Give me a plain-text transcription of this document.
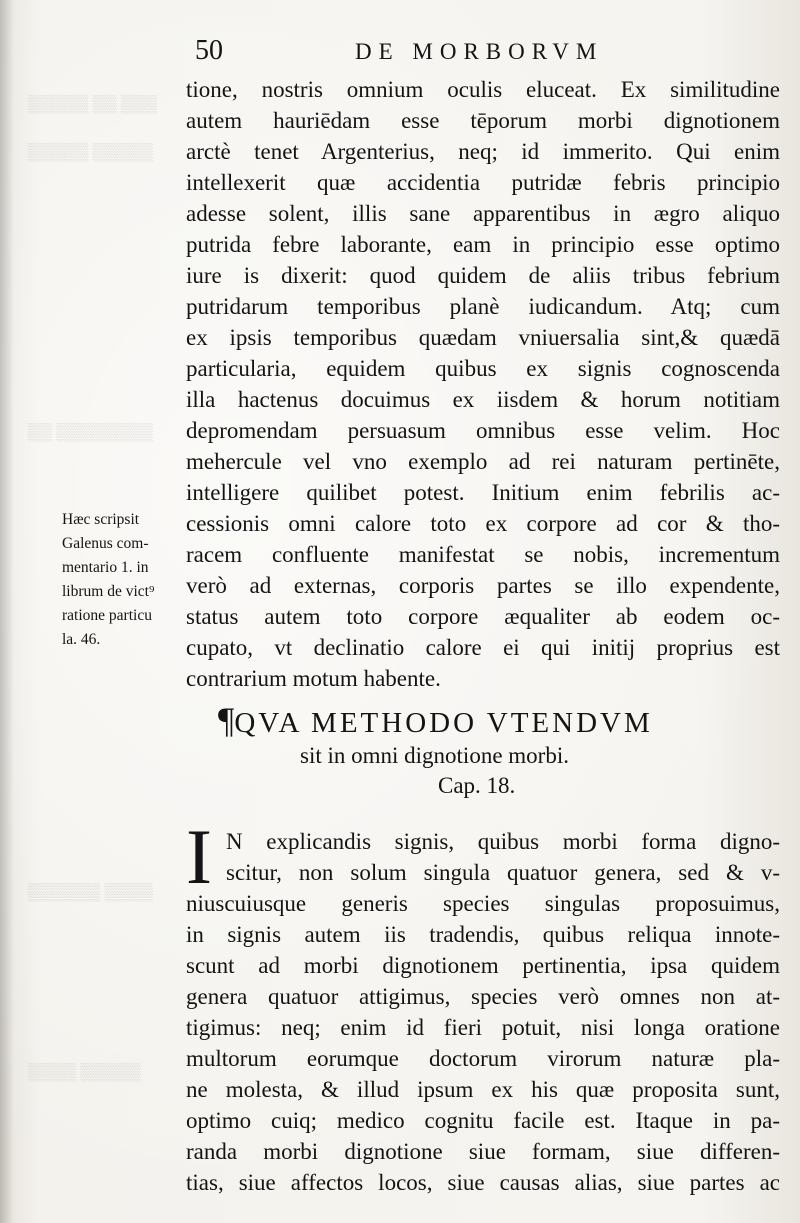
▒▒▒ ▒▒ ▒▒▒▒▒
▒▒▒▒▒ ▒▒▒▒▒
▒▒▒▒▒▒▒▒ ▒▒
▒▒▒▒ ▒▒▒▒▒▒
▒▒▒▒▒ ▒▒▒▒
50	DE MORBORVM
tione, nostris omnium oculis eluceat. Ex similitudine
autem hauriēdam esse tēporum morbi dignotionem
arctè tenet Argenterius, neq; id immerito. Qui enim
intellexerit quæ accidentia putridæ febris principio
adesse solent, illis sane apparentibus in ægro aliquo
putrida febre laborante, eam in principio esse optimo
iure is dixerit: quod quidem de aliis tribus febrium
putridarum temporibus planè iudicandum. Atq; cum
ex ipsis temporibus quædam vniuersalia sint,& quædā
particularia, equidem quibus ex signis cognoscenda
illa hactenus docuimus ex iisdem & horum notitiam
depromendam persuasum omnibus esse velim. Hoc
mehercule vel vno exemplo ad rei naturam pertinēte,
intelligere quilibet potest. Initium enim febrilis ac-
cessionis omni calore toto ex corpore ad cor & tho-
racem confluente manifestat se nobis, incrementum
verò ad externas, corporis partes se illo expendente,
status autem toto corpore æqualiter ab eodem oc-
cupato, vt declinatio calore ei qui initij proprius est
contrarium motum habente.
Hæc scripsit
Galenus com-
mentario 1. in
librum de vict⁹
ratione particu
la. 46.
¶QVA METHODO VTENDVM
sit in omni dignotione morbi.
Cap. 18.
I N explicandis signis, quibus morbi forma digno-
scitur, non solum singula quatuor genera, sed & v-
niuscuiusque generis species singulas proposuimus,
in signis autem iis tradendis, quibus reliqua innote-
scunt ad morbi dignotionem pertinentia, ipsa quidem
genera quatuor attigimus, species verò omnes non at-
tigimus: neq; enim id fieri potuit, nisi longa oratione
multorum eorumque doctorum virorum naturæ pla-
ne molesta, & illud ipsum ex his quæ proposita sunt,
optimo cuiq; medico cognitu facile est. Itaque in pa-
randa morbi dignotione siue formam, siue differen-
tias, siue affectos locos, siue causas alias, siue partes ac
